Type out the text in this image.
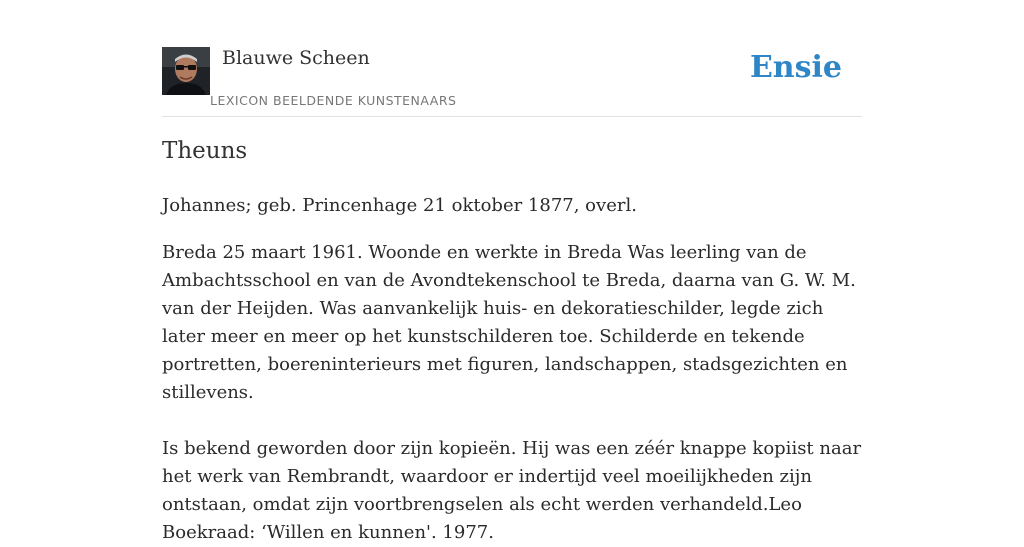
Blauwe Scheen
LEXICON BEELDENDE KUNSTENAARS
Ensie
Theuns

Johannes; geb. Princenhage 21 oktober 1877, overl.

Breda 25 maart 1961. Woonde en werkte in Breda Was leerling van de Ambachtsschool en van de Avondtekenschool te Breda, daarna van G. W. M. van der Heijden. Was aanvankelijk huis- en dekoratieschilder, legde zich later meer en meer op het kunstschilderen toe. Schilderde en tekende portretten, boereninterieurs met figuren, landschappen, stadsgezichten en stillevens.

Is bekend geworden door zijn kopieën. Hij was een zéér knappe kopiist naar het werk van Rembrandt, waardoor er indertijd veel moeilijkheden zijn ontstaan, omdat zijn voortbrengselen als echt werden verhandeld.Leo Boekraad: ‘Willen en kunnen'. 1977.
